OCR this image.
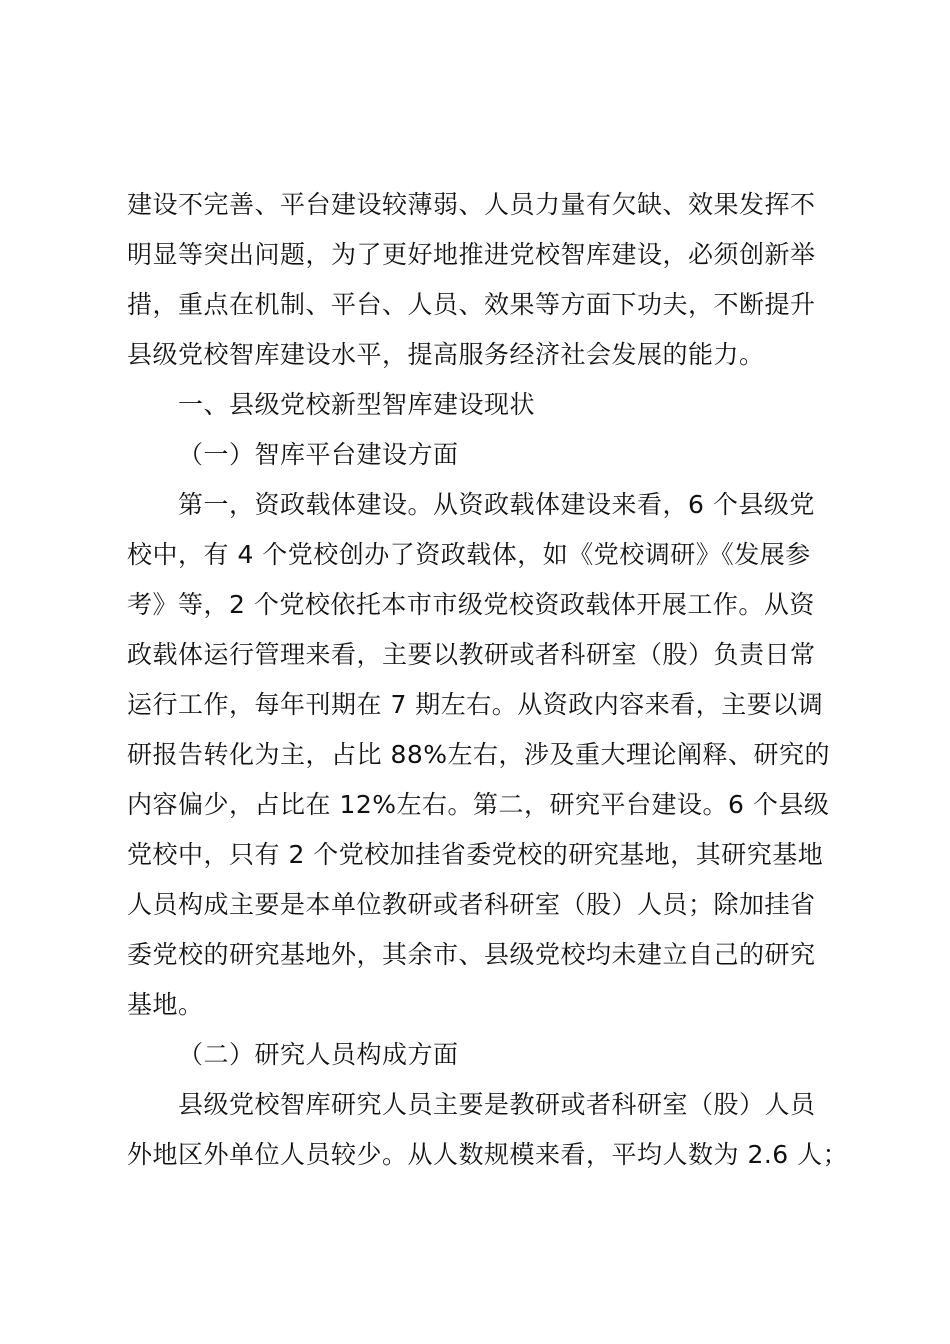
建设不完善、平台建设较薄弱、人员力量有欠缺、效果发挥不
明显等突出问题，为了更好地推进党校智库建设，必须创新举
措，重点在机制、平台、人员、效果等方面下功夫，不断提升
县级党校智库建设水平，提高服务经济社会发展的能力。
一、县级党校新型智库建设现状
（一）智库平台建设方面
第一，资政载体建设。从资政载体建设来看，6 个县级党
校中，有 4 个党校创办了资政载体，如《党校调研》《发展参
考》等，2 个党校依托本市市级党校资政载体开展工作。从资
政载体运行管理来看，主要以教研或者科研室（股）负责日常
运行工作，每年刊期在 7 期左右。从资政内容来看，主要以调
研报告转化为主，占比 88%左右，涉及重大理论阐释、研究的
内容偏少，占比在 12%左右。第二，研究平台建设。6 个县级
党校中，只有 2 个党校加挂省委党校的研究基地，其研究基地
人员构成主要是本单位教研或者科研室（股）人员；除加挂省
委党校的研究基地外，其余市、县级党校均未建立自己的研究
基地。
（二）研究人员构成方面
县级党校智库研究人员主要是教研或者科研室（股）人员
外地区外单位人员较少。从人数规模来看，平均人数为 2.6 人；
